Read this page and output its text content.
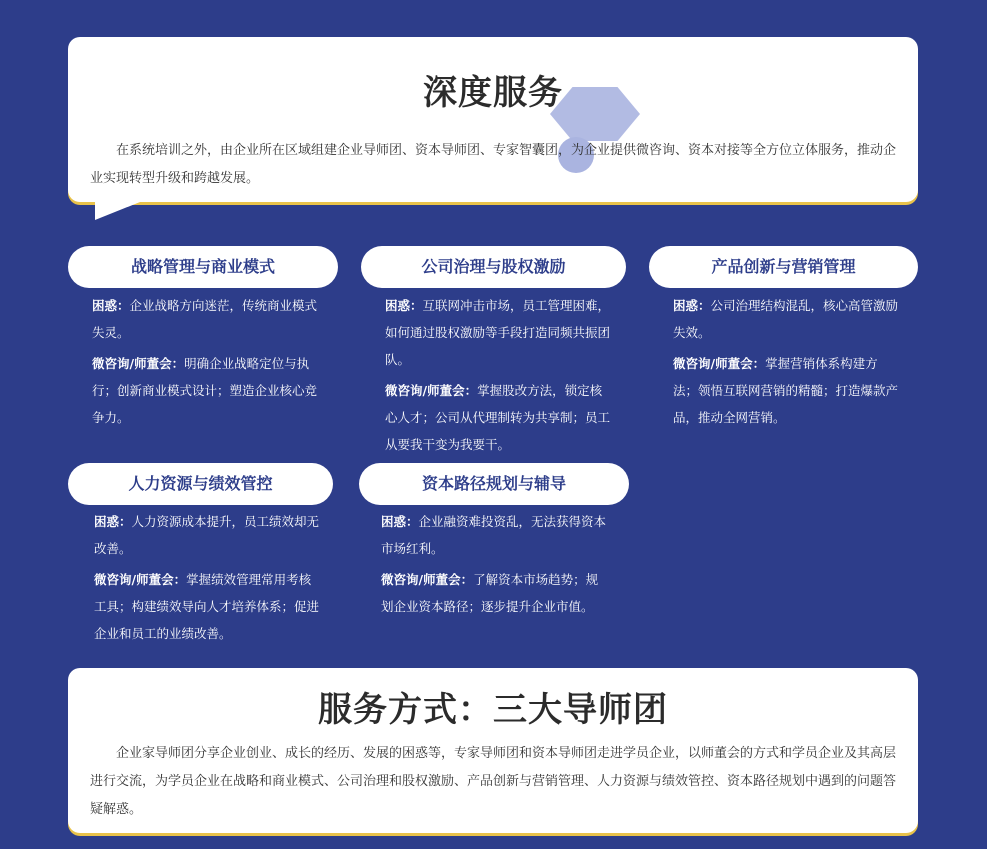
深度服务
在系统培训之外，由企业所在区域组建企业导师团、资本导师团、专家智囊团，为企业提供微咨询、资本对接等全方位立体服务，推动企业实现转型升级和跨越发展。
战略管理与商业模式

困惑：企业战略方向迷茫，传统商业模式失灵。

微咨询/师董会：明确企业战略定位与执行；创新商业模式设计；塑造企业核心竞争力。

公司治理与股权激励

困惑：互联网冲击市场，员工管理困难，如何通过股权激励等手段打造同频共振团队。

微咨询/师董会：掌握股改方法，锁定核心人才；公司从代理制转为共享制；员工从要我干变为我要干。

产品创新与营销管理

困惑：公司治理结构混乱，核心高管激励失效。

微咨询/师董会：掌握营销体系构建方法；领悟互联网营销的精髓；打造爆款产品，推动全网营销。

人力资源与绩效管控

困惑：人力资源成本提升，员工绩效却无改善。

微咨询/师董会：掌握绩效管理常用考核工具；构建绩效导向人才培养体系；促进企业和员工的业绩改善。

资本路径规划与辅导

困惑：企业融资难投资乱，无法获得资本市场红利。

微咨询/师董会：了解资本市场趋势；规划企业资本路径；逐步提升企业市值。

服务方式：三大导师团
企业家导师团分享企业创业、成长的经历、发展的困惑等，专家导师团和资本导师团走进学员企业，以师董会的方式和学员企业及其高层进行交流，为学员企业在战略和商业模式、公司治理和股权激励、产品创新与营销管理、人力资源与绩效管控、资本路径规划中遇到的问题答疑解惑。
